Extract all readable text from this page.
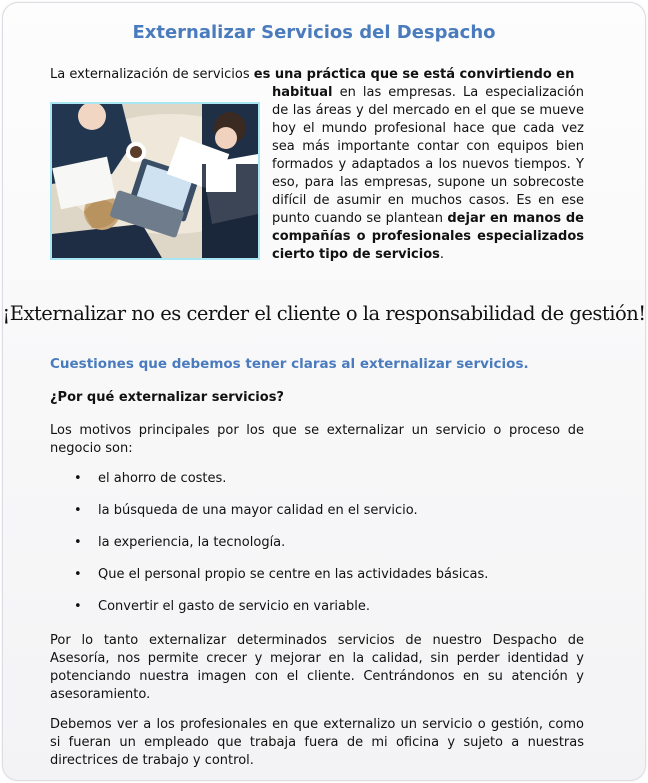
Externalizar Servicios del Despacho
La externalización de servicios es una práctica que se está convirtiendo en
habitual en las empresas. La especialización de las áreas y del mercado en el que se mueve hoy el mundo profesional hace que cada vez sea más importante contar con equipos bien formados y adaptados a los nuevos tiempos. Y eso, para las empresas, supone un sobrecoste difícil de asumir en muchos casos. Es en ese punto cuando se plantean dejar en manos de compañías o profesionales especializados cierto tipo de servicios.
¡Externalizar no es cerder el cliente o la responsabilidad de gestión!
Cuestiones que debemos tener claras al externalizar servicios.
¿Por qué externalizar servicios?
Los motivos principales por los que se externalizar un servicio o proceso de negocio son:
• el ahorro de costes.
• la búsqueda de una mayor calidad en el servicio.
• la experiencia, la tecnología.
• Que el personal propio se centre en las actividades básicas.
• Convertir el gasto de servicio en variable.
Por lo tanto externalizar determinados servicios de nuestro Despacho de Asesoría, nos permite crecer y mejorar en la calidad, sin perder identidad y potenciando nuestra imagen con el cliente. Centrándonos en su atención y asesoramiento.
Debemos ver a los profesionales en que externalizo un servicio o gestión, como si fueran un empleado que trabaja fuera de mi oficina y sujeto a nuestras directrices de trabajo y control.
